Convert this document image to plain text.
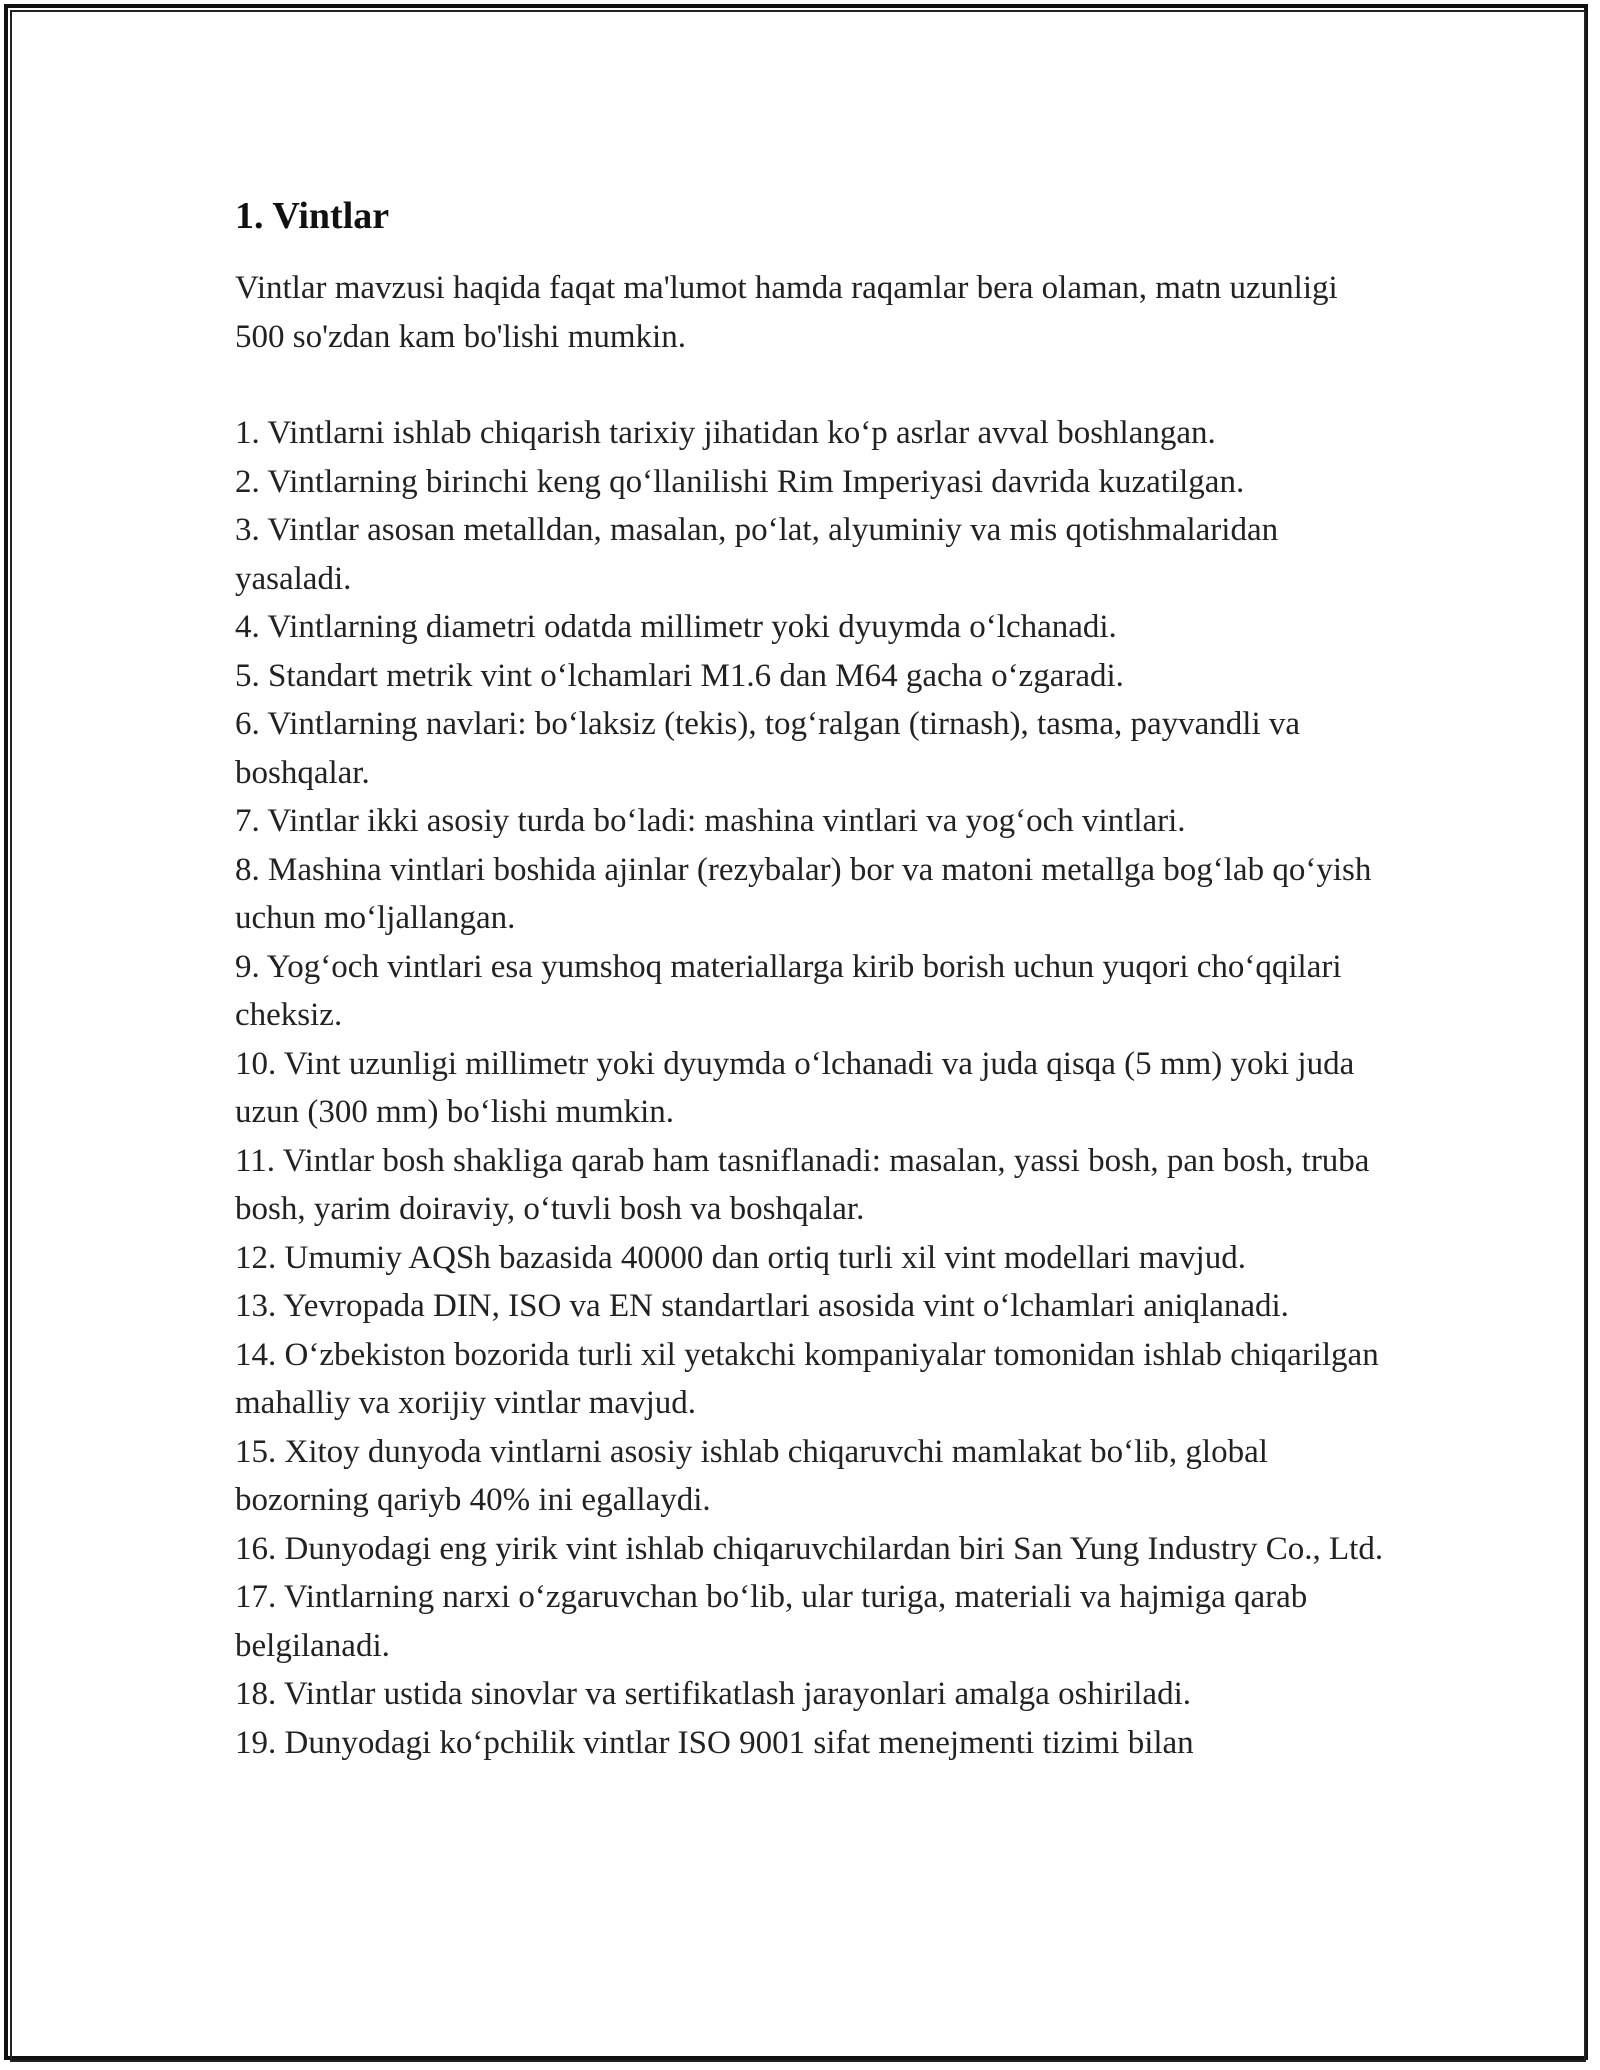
1. Vintlar

Vintlar mavzusi haqida faqat ma'lumot hamda raqamlar bera olaman, matn uzunligi 500 so'zdan kam bo'lishi mumkin.

1. Vintlarni ishlab chiqarish tarixiy jihatidan ko‘p asrlar avval boshlangan.
2. Vintlarning birinchi keng qo‘llanilishi Rim Imperiyasi davrida kuzatilgan.
3. Vintlar asosan metalldan, masalan, po‘lat, alyuminiy va mis qotishmalaridan yasaladi.
4. Vintlarning diametri odatda millimetr yoki dyuymda o‘lchanadi.
5. Standart metrik vint o‘lchamlari M1.6 dan M64 gacha o‘zgaradi.
6. Vintlarning navlari: bo‘laksiz (tekis), tog‘ralgan (tirnash), tasma, payvandli va boshqalar.
7. Vintlar ikki asosiy turda bo‘ladi: mashina vintlari va yog‘och vintlari.
8. Mashina vintlari boshida ajinlar (rezybalar) bor va matoni metallga bog‘lab qo‘yish uchun mo‘ljallangan.
9. Yog‘och vintlari esa yumshoq materiallarga kirib borish uchun yuqori cho‘qqilari cheksiz.
10. Vint uzunligi millimetr yoki dyuymda o‘lchanadi va juda qisqa (5 mm) yoki juda uzun (300 mm) bo‘lishi mumkin.
11. Vintlar bosh shakliga qarab ham tasniflanadi: masalan, yassi bosh, pan bosh, truba bosh, yarim doiraviy, o‘tuvli bosh va boshqalar.
12. Umumiy AQSh bazasida 40000 dan ortiq turli xil vint modellari mavjud.
13. Yevropada DIN, ISO va EN standartlari asosida vint o‘lchamlari aniqlanadi.
14. O‘zbekiston bozorida turli xil yetakchi kompaniyalar tomonidan ishlab chiqarilgan mahalliy va xorijiy vintlar mavjud.
15. Xitoy dunyoda vintlarni asosiy ishlab chiqaruvchi mamlakat bo‘lib, global bozorning qariyb 40% ini egallaydi.
16. Dunyodagi eng yirik vint ishlab chiqaruvchilardan biri San Yung Industry Co., Ltd.
17. Vintlarning narxi o‘zgaruvchan bo‘lib, ular turiga, materiali va hajmiga qarab belgilanadi.
18. Vintlar ustida sinovlar va sertifikatlash jarayonlari amalga oshiriladi.
19. Dunyodagi ko‘pchilik vintlar ISO 9001 sifat menejmenti tizimi bilan
